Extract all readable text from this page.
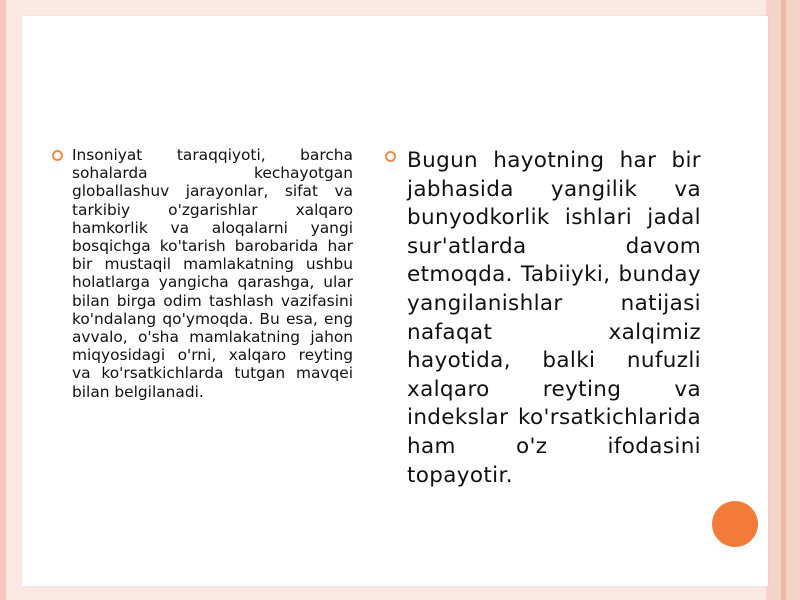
Insoniyat taraqqiyoti, barcha sohalarda kechayotgan globallashuv jarayonlar, sifat va tarkibiy o'zgarishlar xalqaro hamkorlik va aloqalarni yangi bosqichga ko'tarish barobarida har bir mustaqil mamlakatning ushbu holatlarga yangicha qarashga, ular bilan birga odim tashlash vazifasini ko'ndalang qo'ymoqda. Bu esa, eng avvalo, o'sha mamlakatning jahon miqyosidagi o'rni, xalqaro reyting va ko'rsatkichlarda tutgan mavqei bilan belgilanadi.
Bugun hayotning har bir jabhasida yangilik va bunyodkorlik ishlari jadal sur'atlarda davom etmoqda. Tabiiyki, bunday yangilanishlar natijasi nafaqat xalqimiz hayotida, balki nufuzli xalqaro reyting va indekslar ko'rsatkichlarida ham o'z ifodasini topayotir.
